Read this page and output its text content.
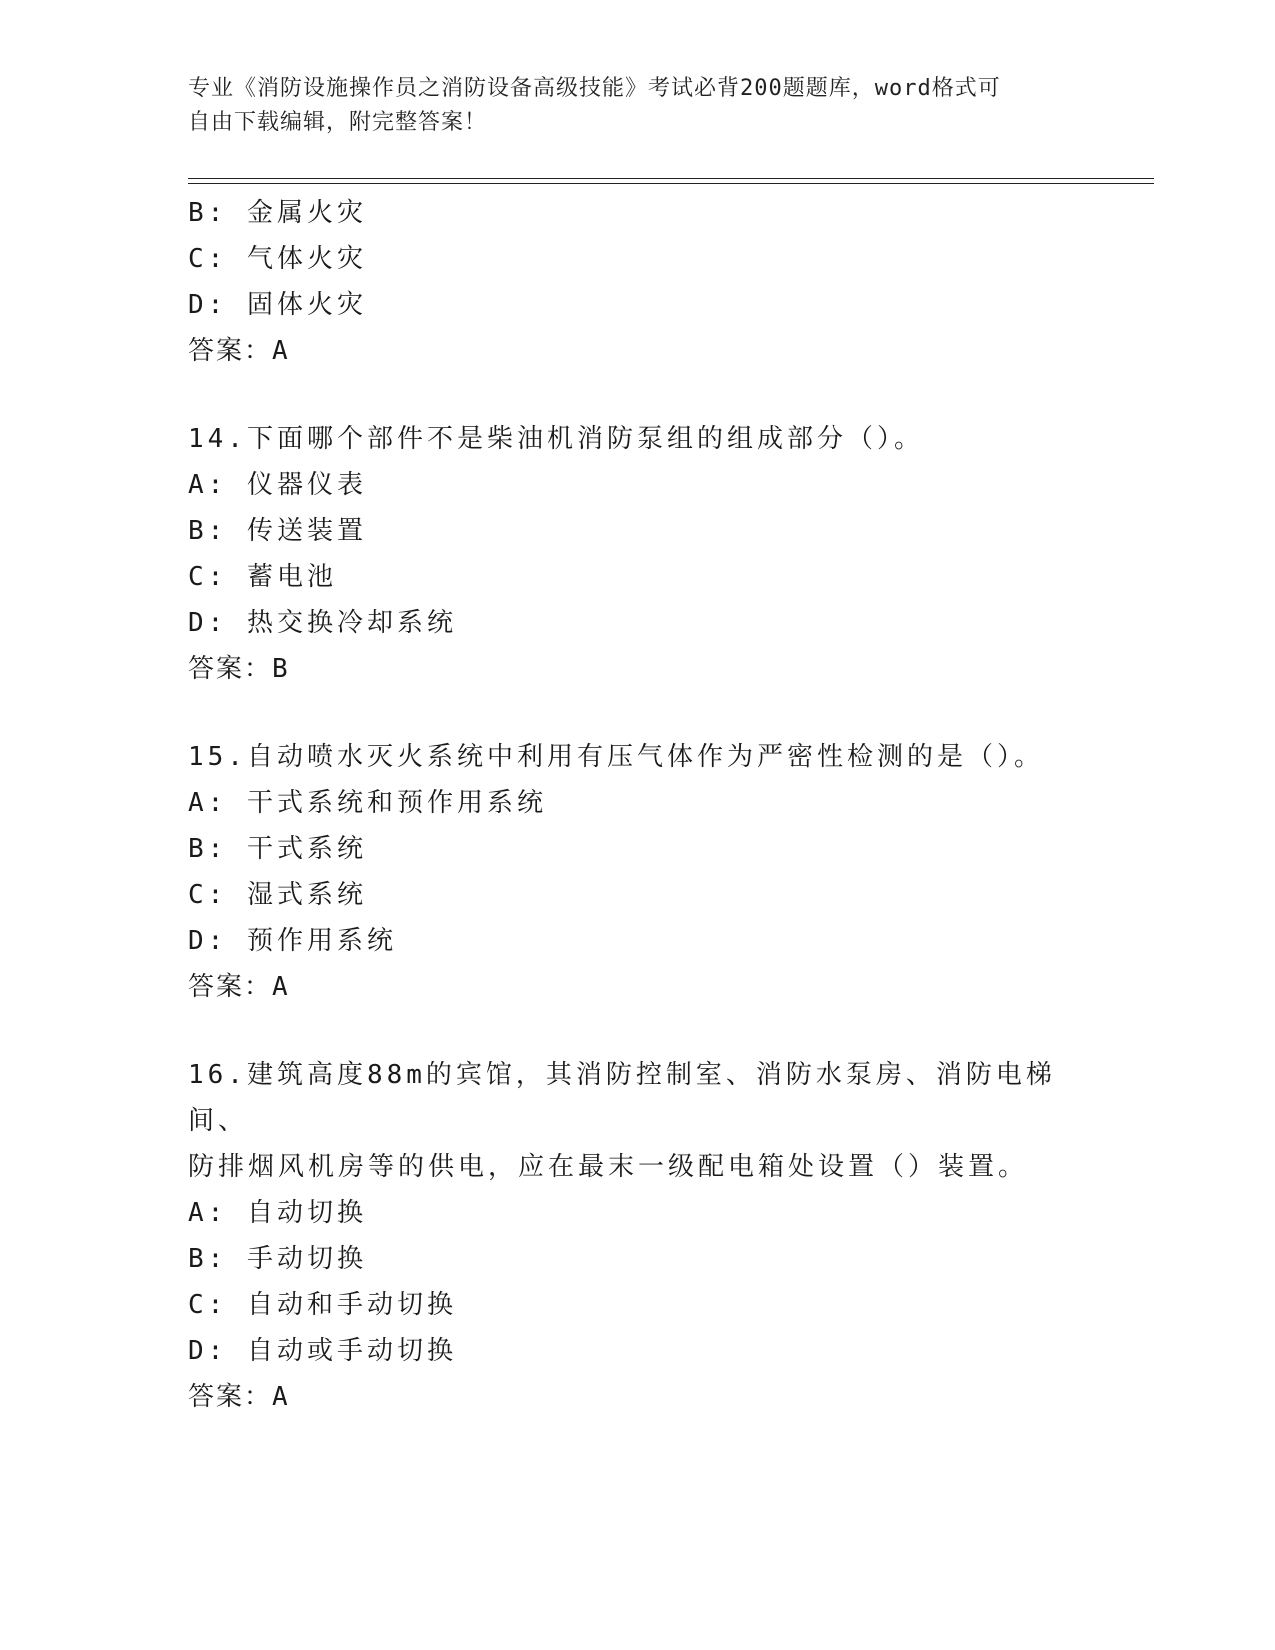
专业《消防设施操作员之消防设备高级技能》考试必背200题题库，word格式可
自由下载编辑，附完整答案！
B: 金属火灾
C: 气体火灾
D: 固体火灾
答案：A
14.下面哪个部件不是柴油机消防泵组的组成部分（）。
A: 仪器仪表
B: 传送装置
C: 蓄电池
D: 热交换冷却系统
答案：B
15.自动喷水灭火系统中利用有压气体作为严密性检测的是（）。
A: 干式系统和预作用系统
B: 干式系统
C: 湿式系统
D: 预作用系统
答案：A
16.建筑高度88m的宾馆，其消防控制室、消防水泵房、消防电梯间、
防排烟风机房等的供电，应在最末一级配电箱处设置（）装置。
A: 自动切换
B: 手动切换
C: 自动和手动切换
D: 自动或手动切换
答案：A
